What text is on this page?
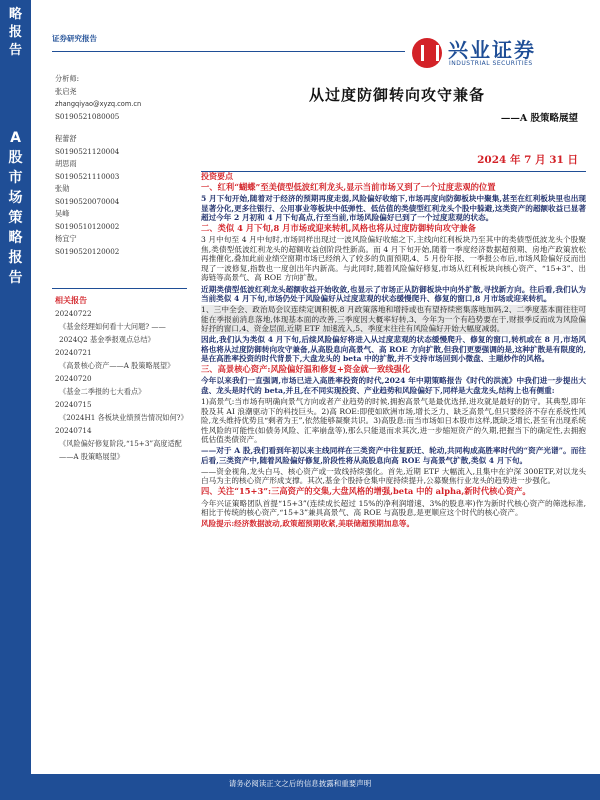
略
报
告
A
股
市
场
策
略
报
告
证券研究报告	兴业证券
INDUSTRIAL SECURITIES
分析师:
张启尧
zhangqiyao@xyzq.com.cn
S0190521080005
程蕾舒
S0190521120004
胡思雨
S0190521110003
张勋
S0190520070004
吴峰
S0190510120002
杨宜宁
S0190520120002
相关报告
20240722
《基金经理如何看十大问题? ——2024Q2 基金季报观点总结》
20240721
《高景核心资产——A 股策略展望》
20240720
《基金二季报的七大看点》
20240715
《2024H1 各板块业绩预告情况如何?》
20240714
《风险偏好修复阶段,“15+3”高度适配——A 股策略展望》
从过度防御转向攻守兼备
——A 股策略展望
2024 年 7 月 31 日

投资要点

一、红利“蝴蝶”至美债型低波红利龙头,显示当前市场又到了一个过度悲观的位置

5 月下旬开始,随着对于经济的预期再度走弱,风险偏好收缩下,市场再度向防御板块中聚集,甚至在红利板块里也出现显著分化,更多往银行、公用事业等板块中低弹性、低估值的类债型红利龙头个股中躲避,这类资产的超额收益已显著超过今年 2 月初和 4 月下旬高点,行至当前,市场风险偏好已到了一个过度悲观的状态。

二、类似 4 月下旬,8 月市场或迎来转机,风格也将从过度防御转向攻守兼备

3 月中旬至 4 月中旬时,市场同样出现过一波风险偏好收缩之下,主线向红利板块乃至其中的类债型低波龙头个股聚焦,类债型低波红利龙头的超额收益创阶段性新高。而 4 月下旬开始,随着一季度经济数据超预期、房地产政策放松再推催化,叠加此前业绩空窗期市场已经纳入了较多的负面预期,4、5 月份年报、一季报公布后,市场风险偏好反而出现了一波修复,指数也一度创出年内新高。与此同时,随着风险偏好修复,市场从红利板块向核心资产、“15+3”、出海链等高景气、高 ROE 方向扩散。

近期类债型低波红利龙头超额收益开始收敛,也显示了市场正从防御板块中向外扩散,寻找新方向。往后看,我们认为当前类似 4 月下旬,市场仍处于风险偏好从过度悲观的状态缓慢爬升、修复的窗口,8 月市场或迎来转机。

1、三中全会、政治局会议连续定调积极,8 月政策落地和增持或也有望持续密集落地加码,2、二季度基本面往往可能在季报前消息落地,体现基本面的改善,三季度因大概率好转,3、今年为一个有趋势要在于,财报季反而成为风险偏好抒的窗口,4、资金层面,近期 ETF 加速流入,5、季度末往往有风险偏好开始大幅度减弱。

因此,我们认为类似 4 月下旬,后续风险偏好将进入从过度悲观的状态缓慢爬升、修复的窗口,转机或在 8 月,市场风格也将从过度防御转向攻守兼备,从高股息向高景气、高 ROE 方向扩散,但我们更要强调的是,这种扩散是有限度的,是在高胜率投资的时代背景下,大盘龙头的 beta 中的扩散,并不支持市场回到小微盘、主题炒作的风格。

三、高景核心资产:风险偏好温和修复+资金就一致线强化

今年以来我们一直强调,市场已进入高胜率投资的时代,2024 年中期策略报告《时代的洪流》中我们进一步提出大盘、龙头是时代的 beta,并且,在不同实现投资、产业趋势和风险偏好下,同样是大盘龙头,结构上也有侧重:

1)高景气:当市场有明确向景气方向或者产业趋势的时候,拥抱高景气是最优选择,进攻就是最好的防守。其典型,即年股及其 AI 浪潮驱动下的科技巨头。2)高 ROE:即使如欧洲市场,增长乏力、缺乏高景气,但只要经济不存在系统性风险,龙头维持优势且“剩者为王”,依然能够凝聚共识。3)高股息:而当市场如日本股市这样,既缺乏增长,甚至有出现系统性风险的可能性(如债务风险、汇率崩盘等),那么只能退而求其次,进一步缩短资产的久期,把握当下的确定性,去拥抱低估值类债资产。

——对于 A 股,我们看到年初以来主线同样在三类资产中往复跃迁、轮动,共同构成高胜率时代的“资产光谱”。而往后看,三类资产中,随着风险偏好修复,阶段性将从高股息向高 ROE 与高景气扩散,类似 4 月下旬。

——资金视角,龙头白马、核心资产或一致线持续强化。首先,近期 ETF 大幅流入,且集中在沪深 300ETF,对以龙头白马为主的核心资产形成支撑。其次,基金个股持仓集中度持续提升,公募聚焦行业龙头的趋势进一步强化。

四、关注“15+3”:三高资产的交集,大盘风格的增强,beta 中的 alpha,新时代核心资产。

今年兴证策略团队首提“15+3”(连续成长超过 15%的净利润增速、3%的股息率)作为新时代核心资产的筛选标准,相比于传统的核心资产,“15+3”兼具高景气、高 ROE 与高股息,是更顺应这个时代的核心资产。

风险提示:经济数据波动,政策超预期收紧,美联储超预期加息等。

请务必阅读正文之后的信息披露和重要声明
